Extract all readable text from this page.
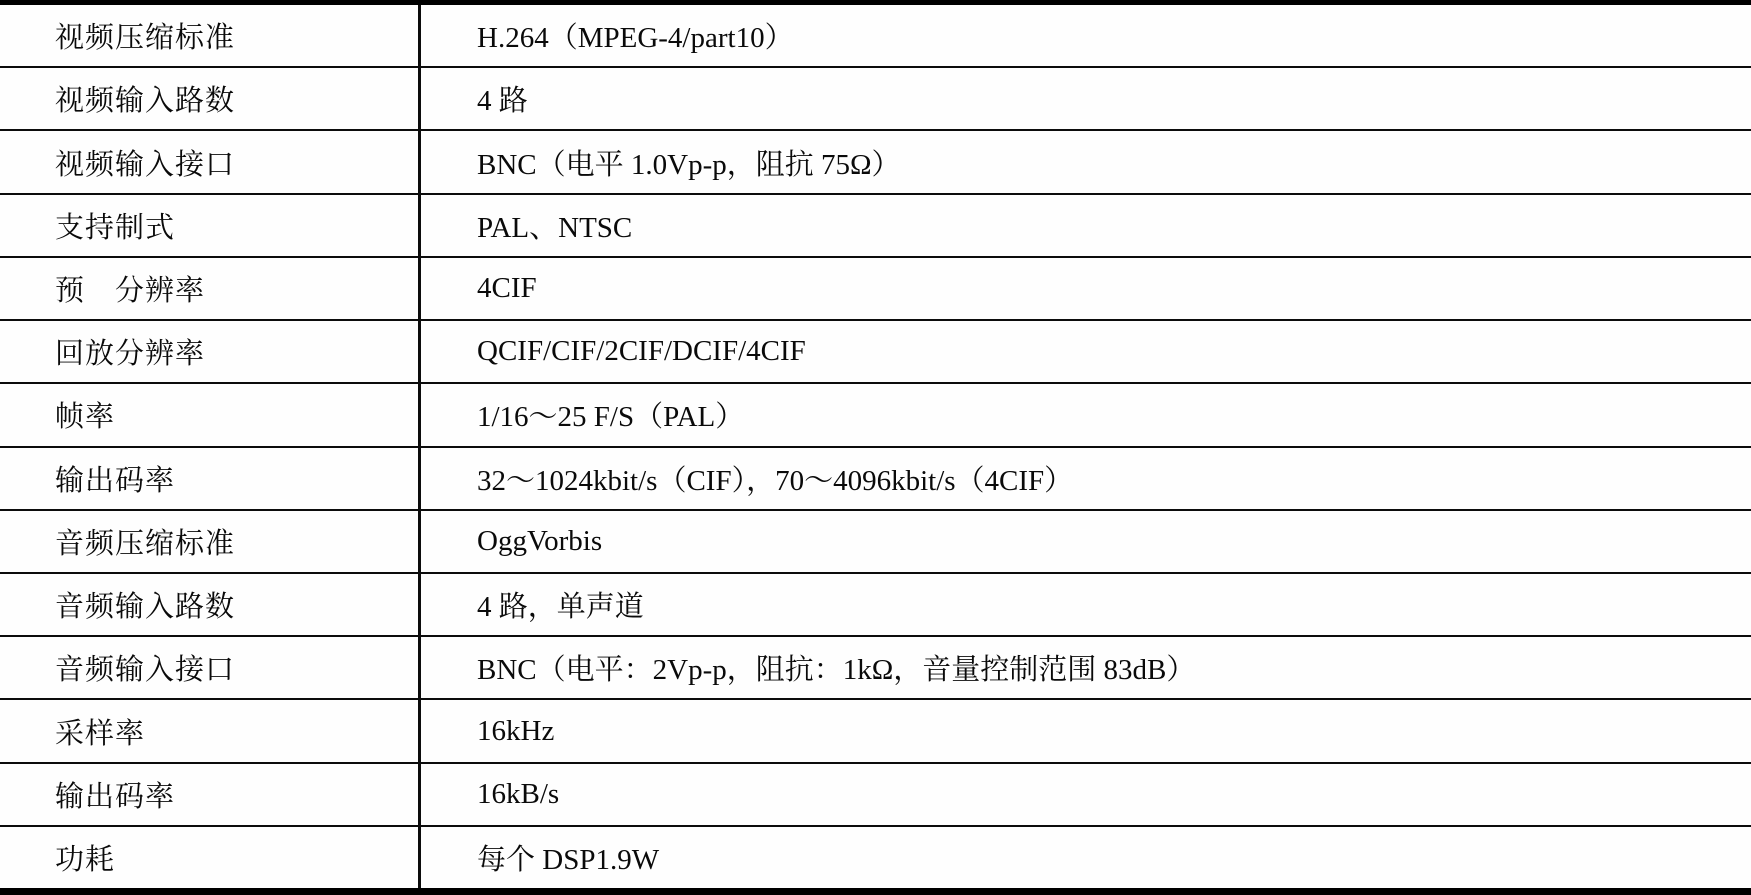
视频压缩标准	H.264（MPEG-4/part10）
视频输入路数	4 路
视频输入接口	BNC（电平 1.0Vp-p，阻抗 75Ω）
支持制式	PAL、NTSC
预　分辨率	4CIF
回放分辨率	QCIF/CIF/2CIF/DCIF/4CIF
帧率	1/16～25 F/S（PAL）
输出码率	32～1024kbit/s（CIF），70～4096kbit/s（4CIF）
音频压缩标准	OggVorbis
音频输入路数	4 路，单声道
音频输入接口	BNC（电平：2Vp-p，阻抗：1kΩ，音量控制范围 83dB）
采样率	16kHz
输出码率	16kB/s
功耗	每个 DSP1.9W
